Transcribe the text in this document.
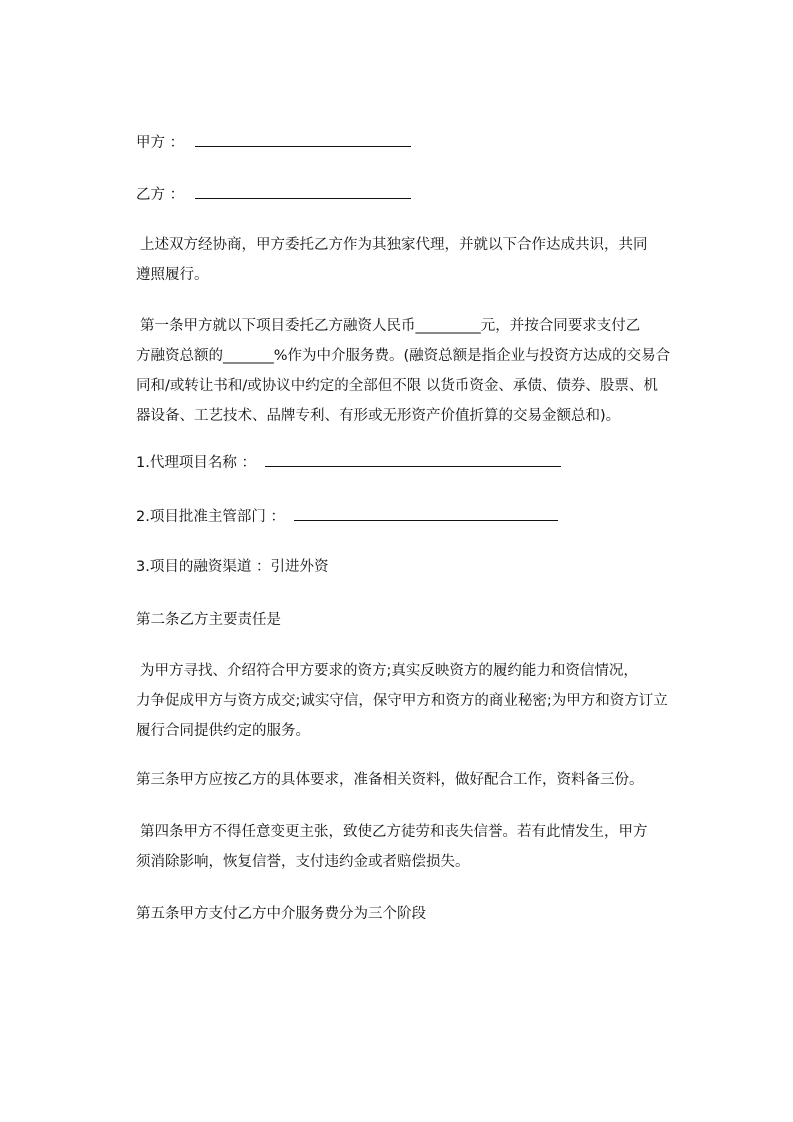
甲方 ：
乙方 ：
上述双方经协商，甲方委托乙方作为其独家代理，并就以下合作达成共识，共同
遵照履行。
第一条甲方就以下项目委托乙方融资人民币_________元，并按合同要求支付乙
方融资总额的_______%作为中介服务费。(融资总额是指企业与投资方达成的交易合
同和/或转让书和/或协议中约定的全部但不限 以货币资金、承债、债券、股票、机
器设备、工艺技术、品牌专利、有形或无形资产价值折算的交易金额总和)。
1.代理项目名称 ：
2.项目批准主管部门 ：
3.项目的融资渠道 ：引进外资
第二条乙方主要责任是
为甲方寻找、介绍符合甲方要求的资方;真实反映资方的履约能力和资信情况，
力争促成甲方与资方成交;诚实守信，保守甲方和资方的商业秘密;为甲方和资方订立
履行合同提供约定的服务。
第三条甲方应按乙方的具体要求，准备相关资料，做好配合工作，资料备三份。
第四条甲方不得任意变更主张，致使乙方徒劳和丧失信誉。若有此情发生，甲方
须消除影响，恢复信誉，支付违约金或者赔偿损失。
第五条甲方支付乙方中介服务费分为三个阶段
